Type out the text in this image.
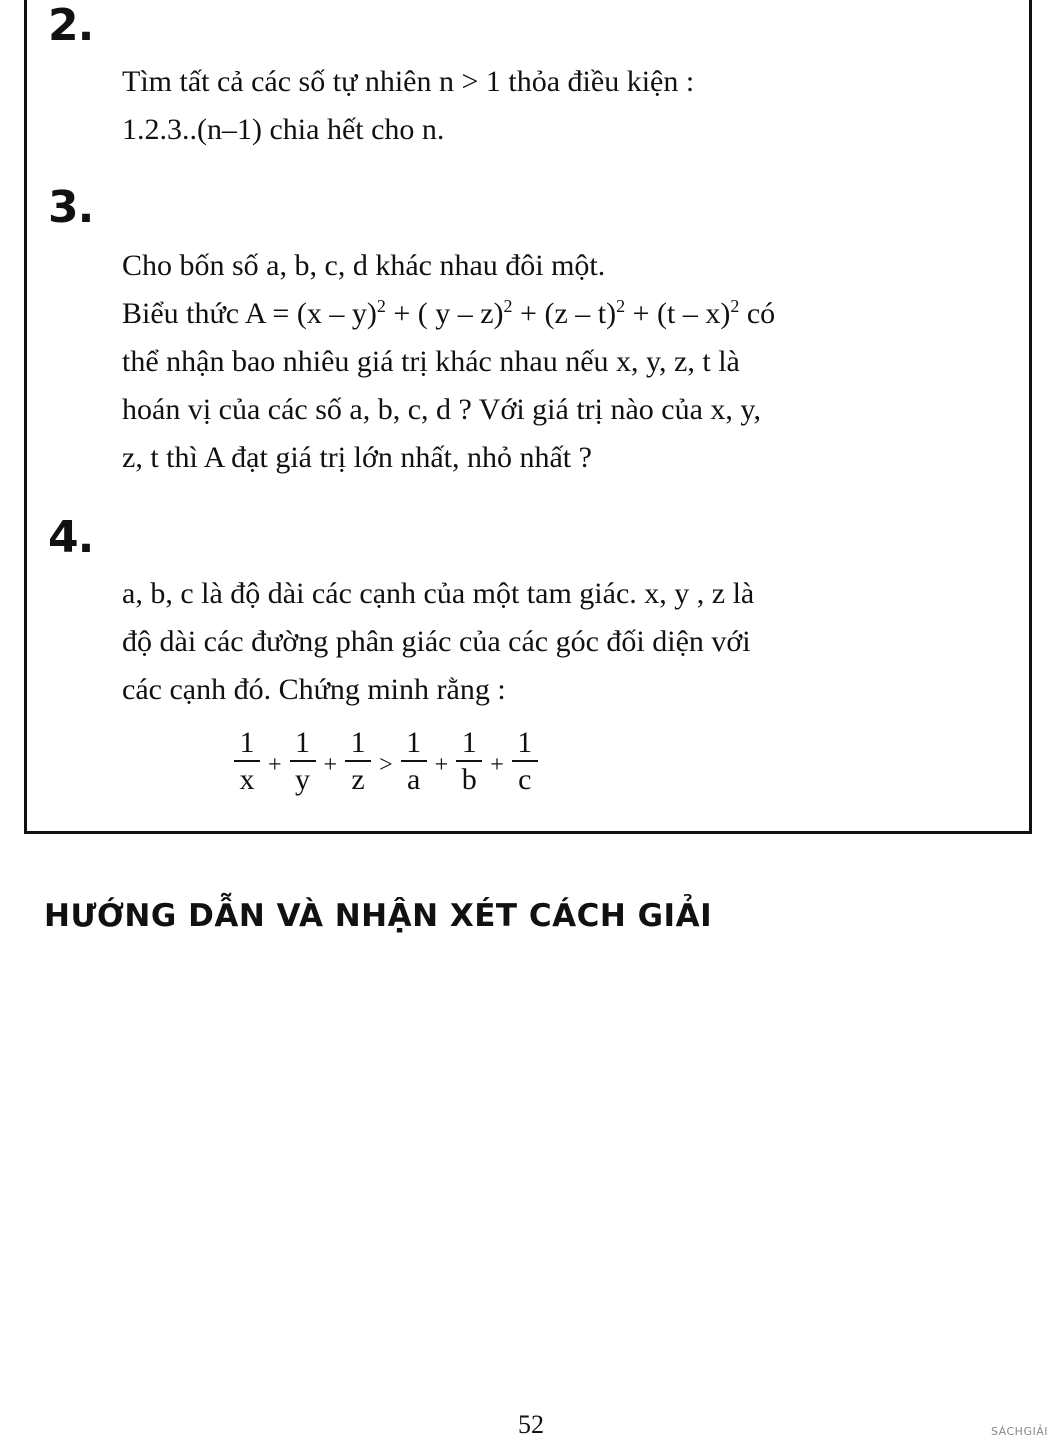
2.

Tìm tất cả các số tự nhiên n > 1 thỏa điều kiện :

1.2.3..(n–1) chia hết cho n.

3.

Cho bốn số a, b, c, d khác nhau đôi một.

Biểu thức A = (x – y)$^2$ + ( y – z)$^2$ + (z – t)$^2$ + (t – x)$^2$ có

thể nhận bao nhiêu giá trị khác nhau nếu x, y, z, t là

hoán vị của các số a, b, c, d ? Với giá trị nào của x, y,

z, t thì A đạt giá trị lớn nhất, nhỏ nhất ?

4.

a, b, c là độ dài các cạnh của một tam giác. x, y , z là

độ dài các đường phân giác của các góc đối diện với

các cạnh đó. Chứng minh rằng :

$\frac{1}{x} + \frac{1}{y} + \frac{1}{z} > \frac{1}{a} + \frac{1}{b} + \frac{1}{c}$
HƯỚNG DẪN VÀ NHẬN XÉT CÁCH GIẢI
52	SÁCHGIẢI
